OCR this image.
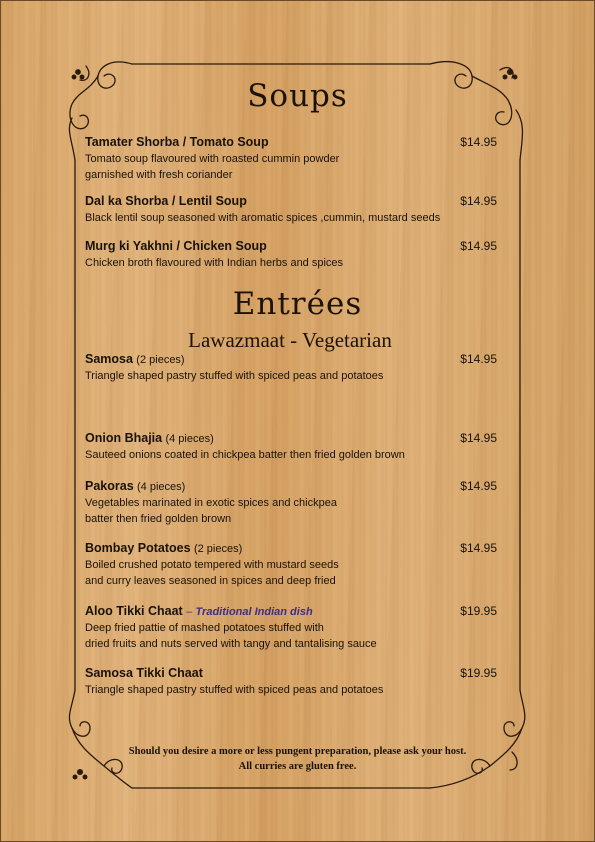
Soups
Tamater Shorba / Tomato Soup	$14.95
Tomato soup flavoured with roasted cummin powder
garnished with fresh coriander
Dal ka Shorba / Lentil Soup	$14.95
Black lentil soup seasoned with aromatic spices ,cummin, mustard seeds
Murg ki Yakhni / Chicken Soup	$14.95
Chicken broth flavoured with Indian herbs and spices
Entrées
Lawazmaat - Vegetarian
Samosa (2 pieces)	$14.95
Triangle shaped pastry stuffed with spiced peas and potatoes
Onion Bhajia (4 pieces)	$14.95
Sauteed onions coated in chickpea batter then fried golden brown
Pakoras (4 pieces)	$14.95
Vegetables marinated in exotic spices and chickpea
batter then fried golden brown
Bombay Potatoes (2 pieces)	$14.95
Boiled crushed potato tempered with mustard seeds
and curry leaves seasoned in spices and deep fried
Aloo Tikki Chaat – Traditional Indian dish	$19.95
Deep fried pattie of mashed potatoes stuffed with
dried fruits and nuts served with tangy and tantalising sauce
Samosa Tikki Chaat	$19.95
Triangle shaped pastry stuffed with spiced peas and potatoes
Should you desire a more or less pungent preparation, please ask your host.
All curries are gluten free.
